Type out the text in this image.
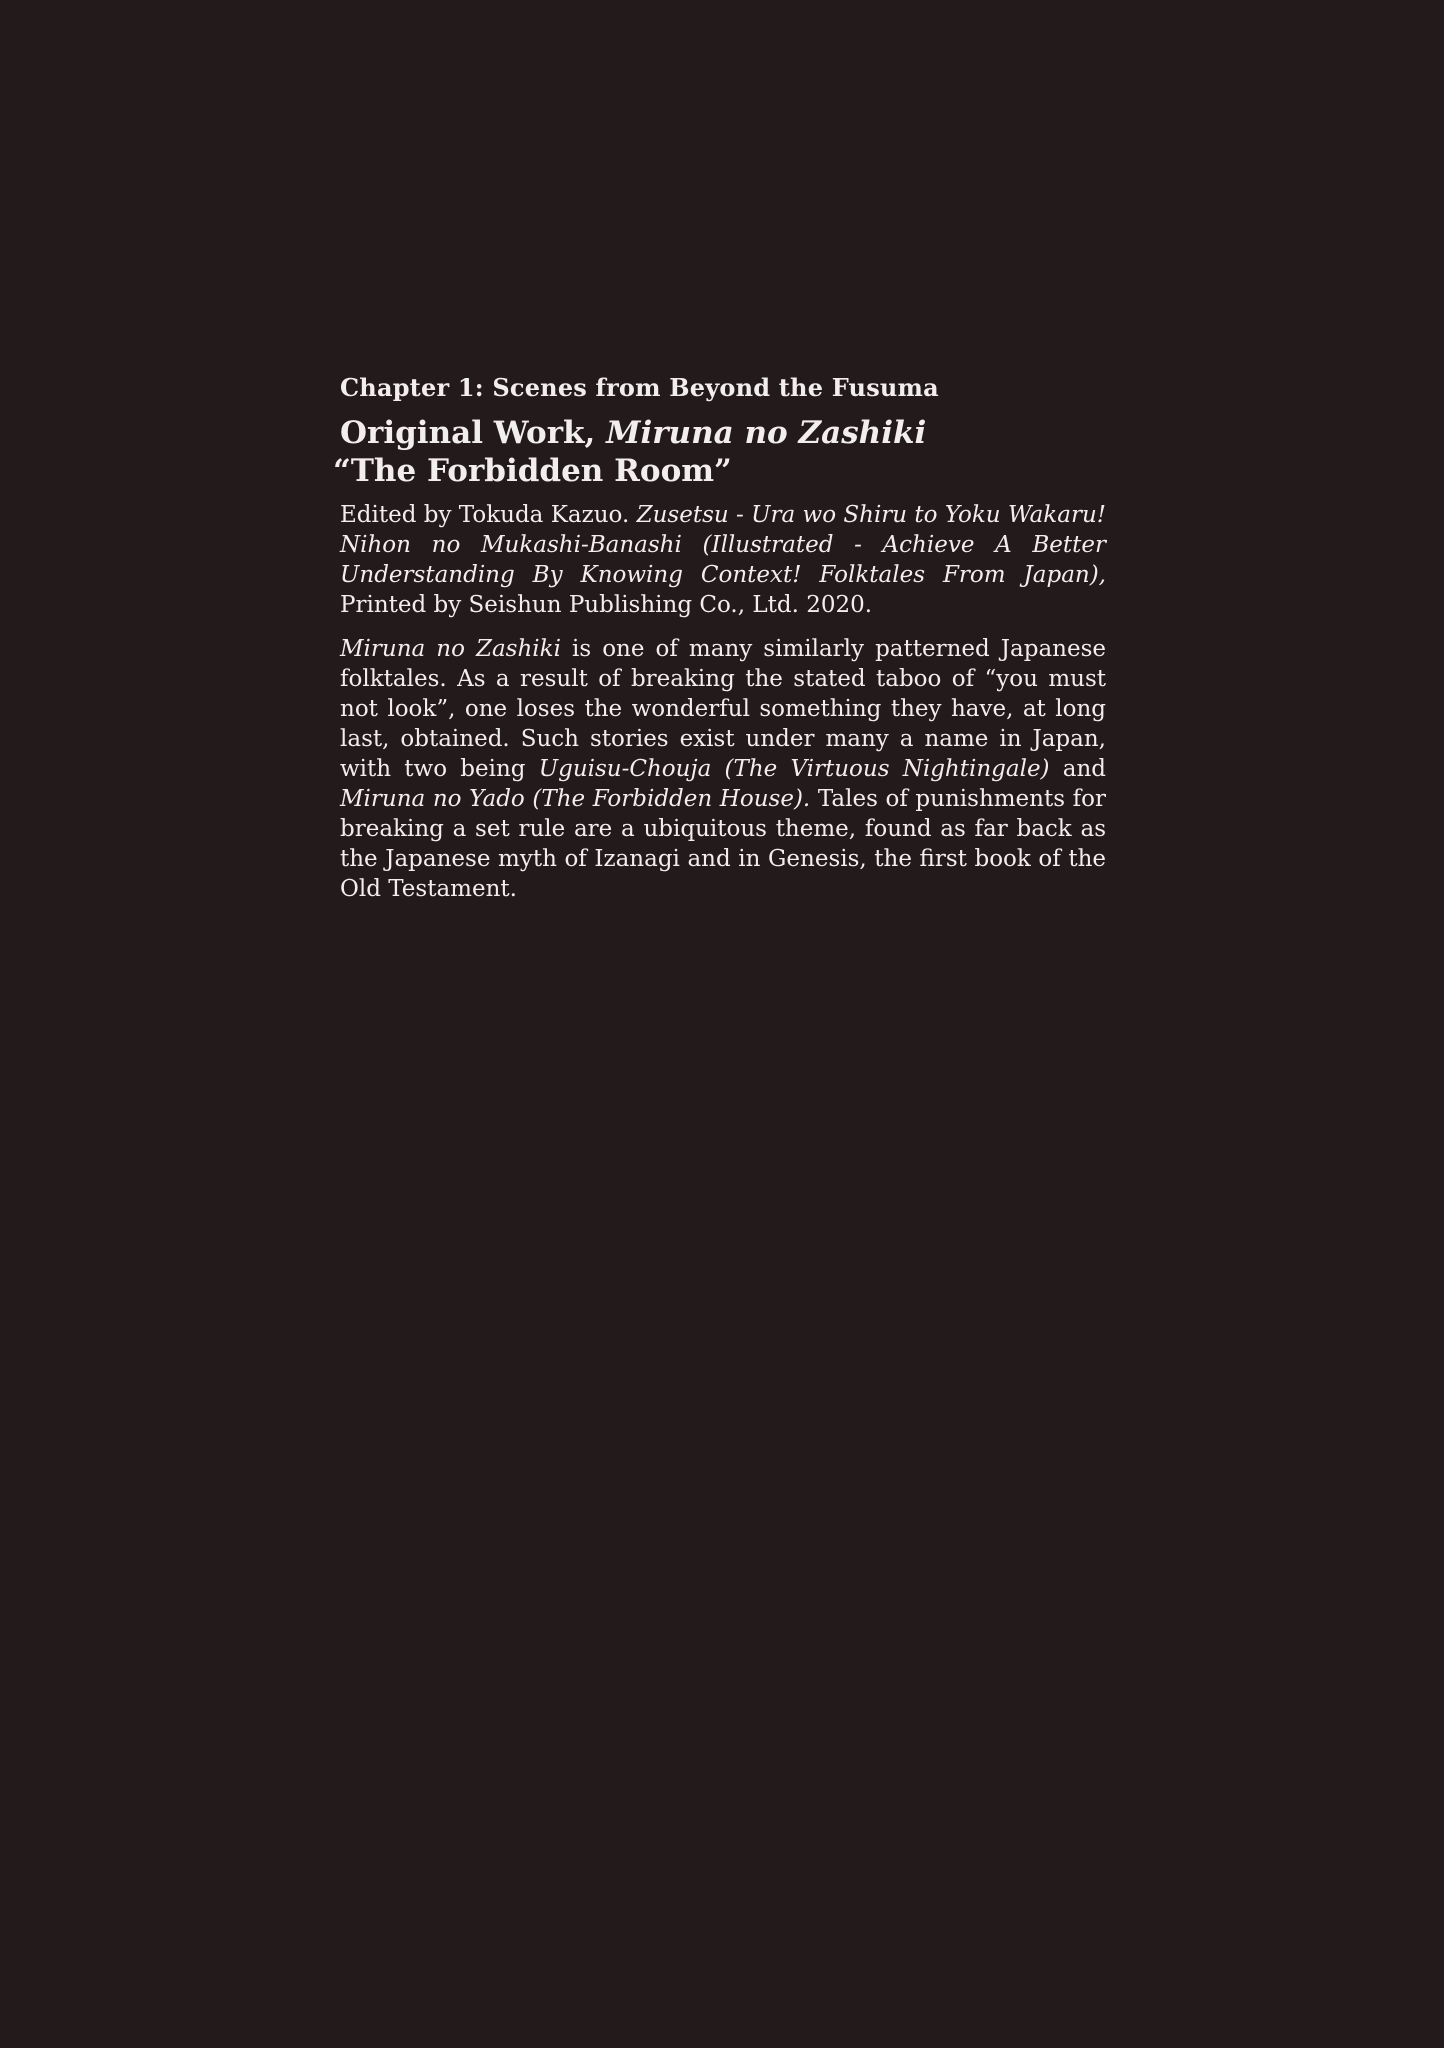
Chapter 1: Scenes from Beyond the Fusuma
Original Work, Miruna no Zashiki
“The Forbidden Room”

Edited by Tokuda Kazuo. Zusetsu - Ura wo Shiru to Yoku Wakaru! Nihon no Mukashi-Banashi (Illustrated - Achieve A Better Understanding By Knowing Context! Folktales From Japan), Printed by Seishun Publishing Co., Ltd. 2020.

Miruna no Zashiki is one of many similarly patterned Japanese folktales. As a result of breaking the stated taboo of “you must not look”, one loses the wonderful something they have, at long last, obtained. Such stories exist under many a name in Japan, with two being Uguisu-Chouja (The Virtuous Nightingale) and Miruna no Yado (The Forbidden House). Tales of punishments for breaking a set rule are a ubiquitous theme, found as far back as the Japanese myth of Izanagi and in Genesis, the first book of the Old Testament.
